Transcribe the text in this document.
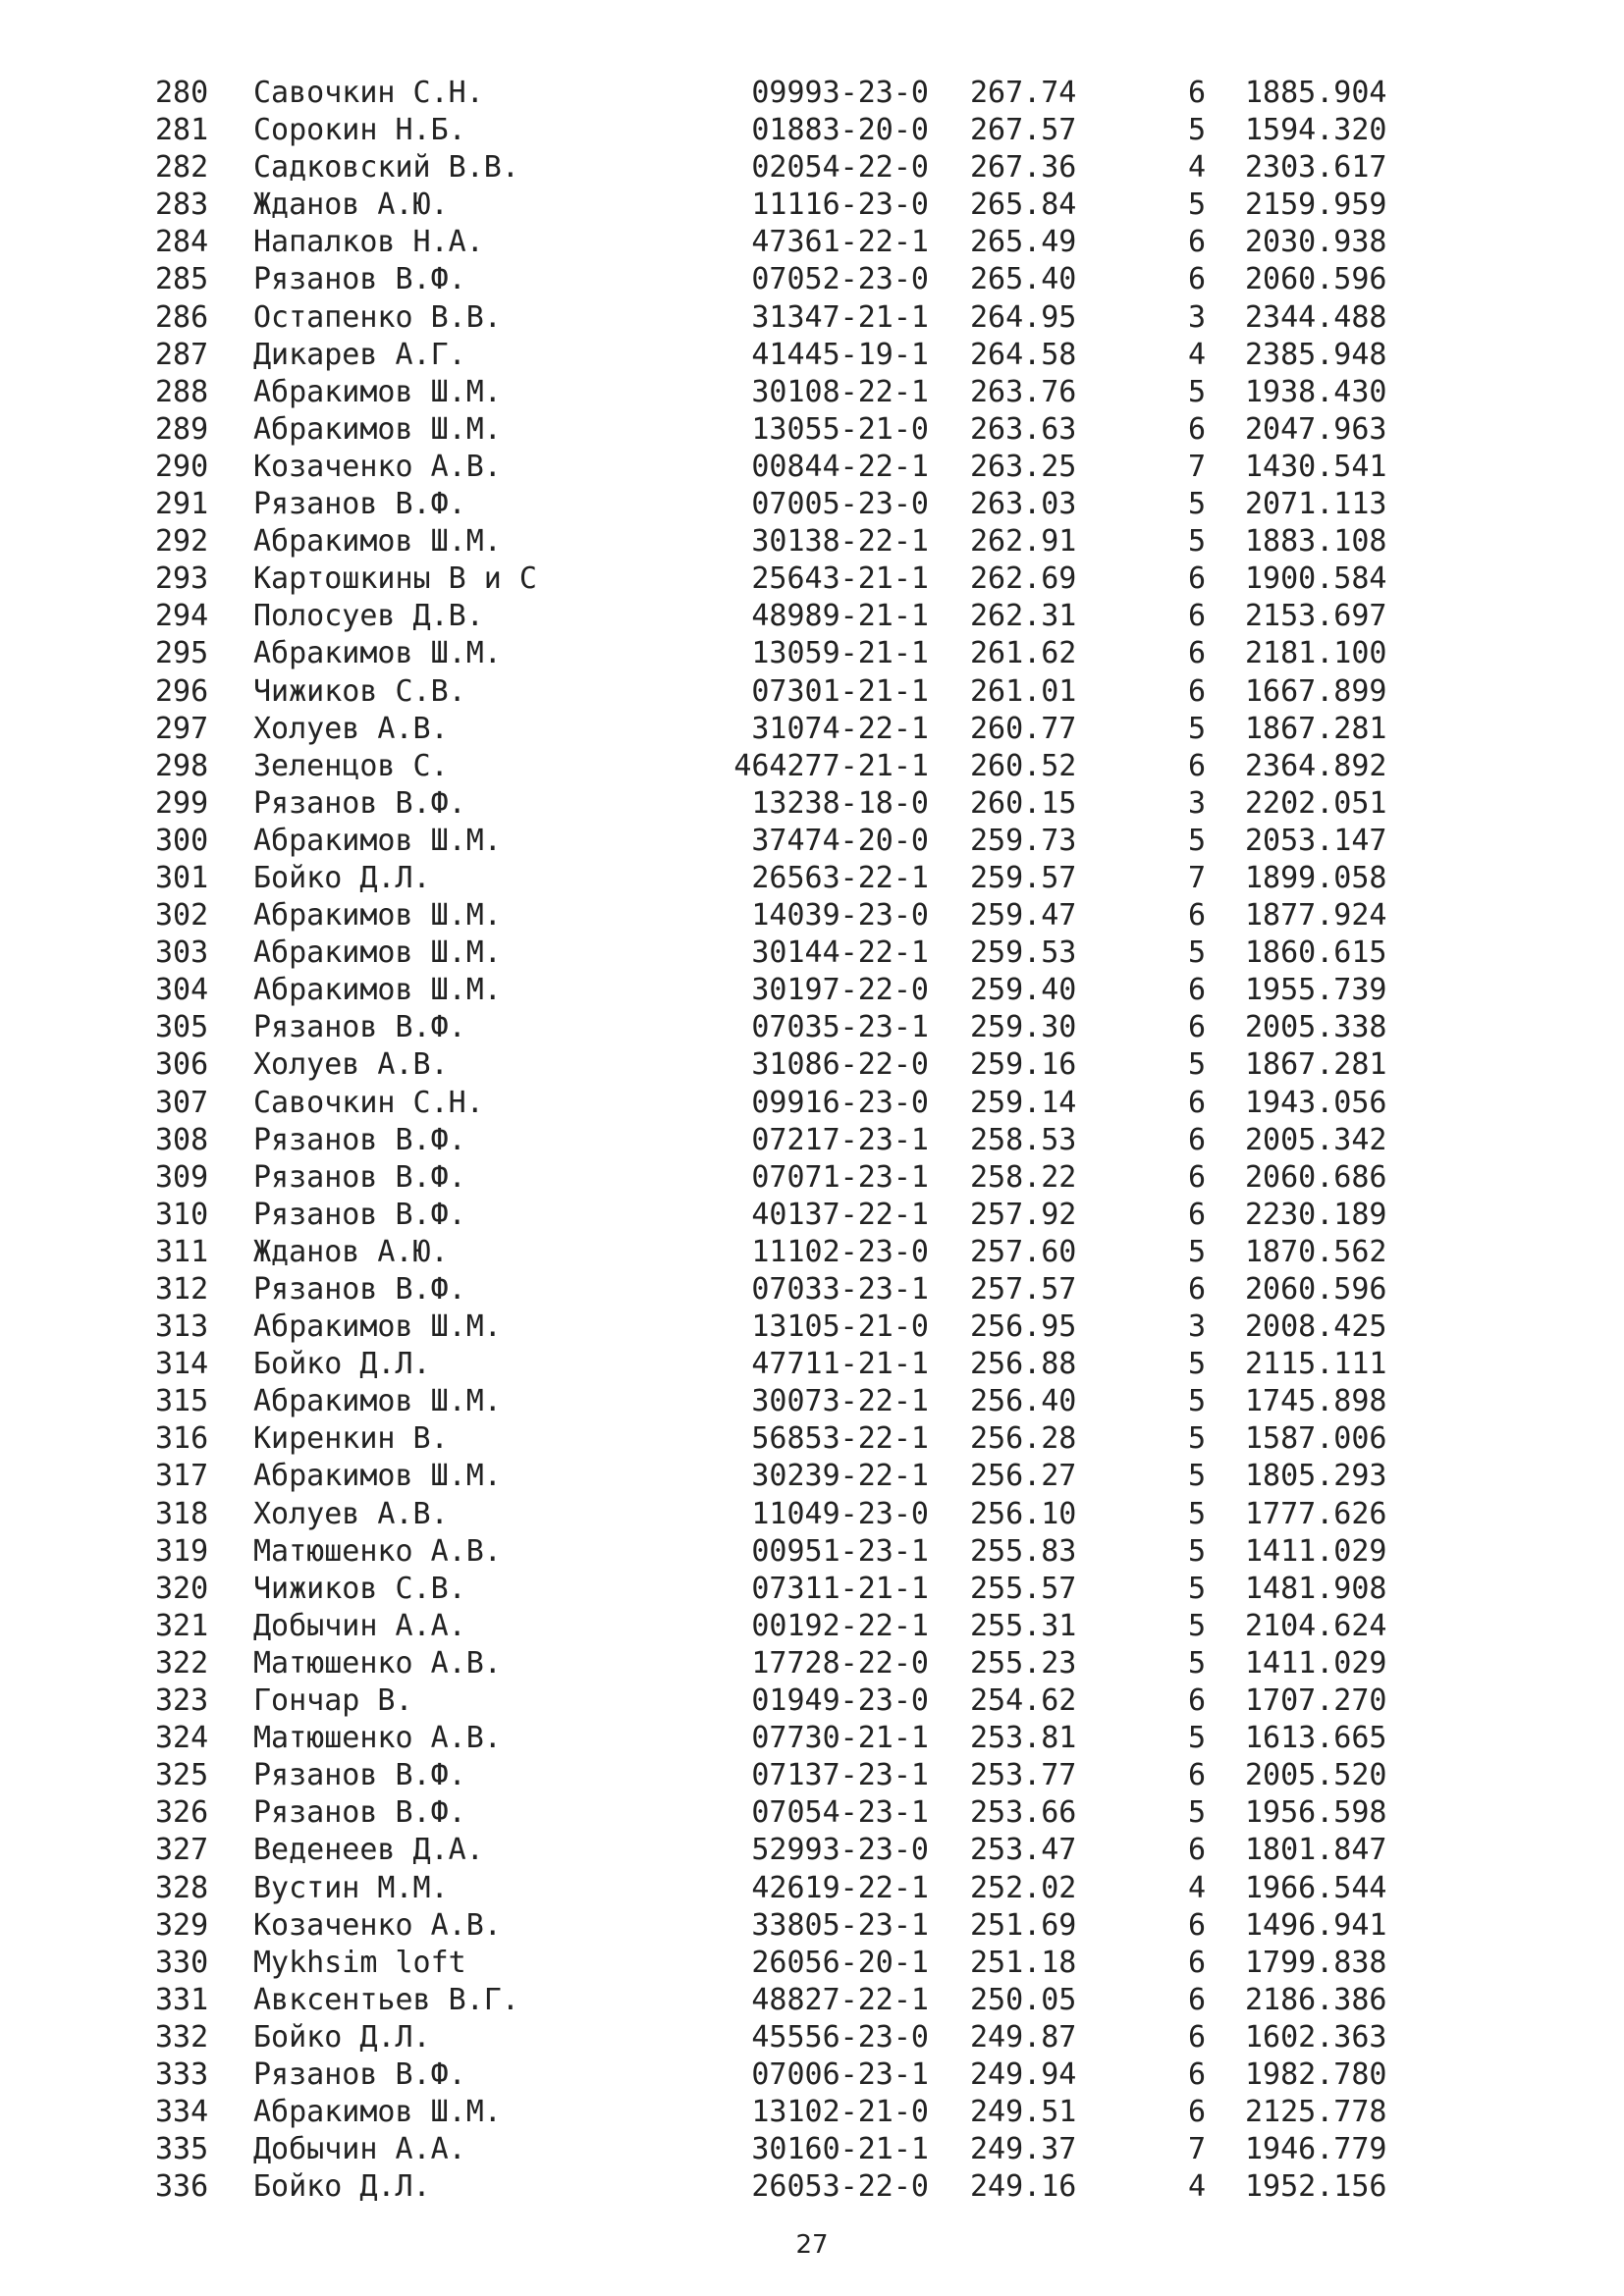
280 Савочкин С.Н.	09993-23-0 267.74	6 1885.904
281 Сорокин Н.Б.	01883-20-0 267.57	5 1594.320
282 Садковский В.В.	02054-22-0 267.36	4 2303.617
283 Жданов А.Ю.	11116-23-0 265.84	5 2159.959
284 Напалков Н.А.	47361-22-1 265.49	6 2030.938
285 Рязанов В.Ф.	07052-23-0 265.40	6 2060.596
286 Остапенко В.В.	31347-21-1 264.95	3 2344.488
287 Дикарев А.Г.	41445-19-1 264.58	4 2385.948
288 Абракимов Ш.М.	30108-22-1 263.76	5 1938.430
289 Абракимов Ш.М.	13055-21-0 263.63	6 2047.963
290 Козаченко А.В.	00844-22-1 263.25	7 1430.541
291 Рязанов В.Ф.	07005-23-0 263.03	5 2071.113
292 Абракимов Ш.М.	30138-22-1 262.91	5 1883.108
293 Картошкины В и С	25643-21-1 262.69	6 1900.584
294 Полосуев Д.В.	48989-21-1 262.31	6 2153.697
295 Абракимов Ш.М.	13059-21-1 261.62	6 2181.100
296 Чижиков С.В.	07301-21-1 261.01	6 1667.899
297 Холуев А.В.	31074-22-1 260.77	5 1867.281
298 Зеленцов С.	464277-21-1 260.52	6 2364.892
299 Рязанов В.Ф.	13238-18-0 260.15	3 2202.051
300 Абракимов Ш.М.	37474-20-0 259.73	5 2053.147
301 Бойко Д.Л.	26563-22-1 259.57	7 1899.058
302 Абракимов Ш.М.	14039-23-0 259.47	6 1877.924
303 Абракимов Ш.М.	30144-22-1 259.53	5 1860.615
304 Абракимов Ш.М.	30197-22-0 259.40	6 1955.739
305 Рязанов В.Ф.	07035-23-1 259.30	6 2005.338
306 Холуев А.В.	31086-22-0 259.16	5 1867.281
307 Савочкин С.Н.	09916-23-0 259.14	6 1943.056
308 Рязанов В.Ф.	07217-23-1 258.53	6 2005.342
309 Рязанов В.Ф.	07071-23-1 258.22	6 2060.686
310 Рязанов В.Ф.	40137-22-1 257.92	6 2230.189
311 Жданов А.Ю.	11102-23-0 257.60	5 1870.562
312 Рязанов В.Ф.	07033-23-1 257.57	6 2060.596
313 Абракимов Ш.М.	13105-21-0 256.95	3 2008.425
314 Бойко Д.Л.	47711-21-1 256.88	5 2115.111
315 Абракимов Ш.М.	30073-22-1 256.40	5 1745.898
316 Киренкин В.	56853-22-1 256.28	5 1587.006
317 Абракимов Ш.М.	30239-22-1 256.27	5 1805.293
318 Холуев А.В.	11049-23-0 256.10	5 1777.626
319 Матюшенко А.В.	00951-23-1 255.83	5 1411.029
320 Чижиков С.В.	07311-21-1 255.57	5 1481.908
321 Добычин А.А.	00192-22-1 255.31	5 2104.624
322 Матюшенко А.В.	17728-22-0 255.23	5 1411.029
323 Гончар В.	01949-23-0 254.62	6 1707.270
324 Матюшенко А.В.	07730-21-1 253.81	5 1613.665
325 Рязанов В.Ф.	07137-23-1 253.77	6 2005.520
326 Рязанов В.Ф.	07054-23-1 253.66	5 1956.598
327 Веденеев Д.А.	52993-23-0 253.47	6 1801.847
328 Вустин М.М.	42619-22-1 252.02	4 1966.544
329 Козаченко А.В.	33805-23-1 251.69	6 1496.941
330 Mykhsim loft	26056-20-1 251.18	6 1799.838
331 Авксентьев В.Г.	48827-22-1 250.05	6 2186.386
332 Бойко Д.Л.	45556-23-0 249.87	6 1602.363
333 Рязанов В.Ф.	07006-23-1 249.94	6 1982.780
334 Абракимов Ш.М.	13102-21-0 249.51	6 2125.778
335 Добычин А.А.	30160-21-1 249.37	7 1946.779
336 Бойко Д.Л.	26053-22-0 249.16	4 1952.156
27
